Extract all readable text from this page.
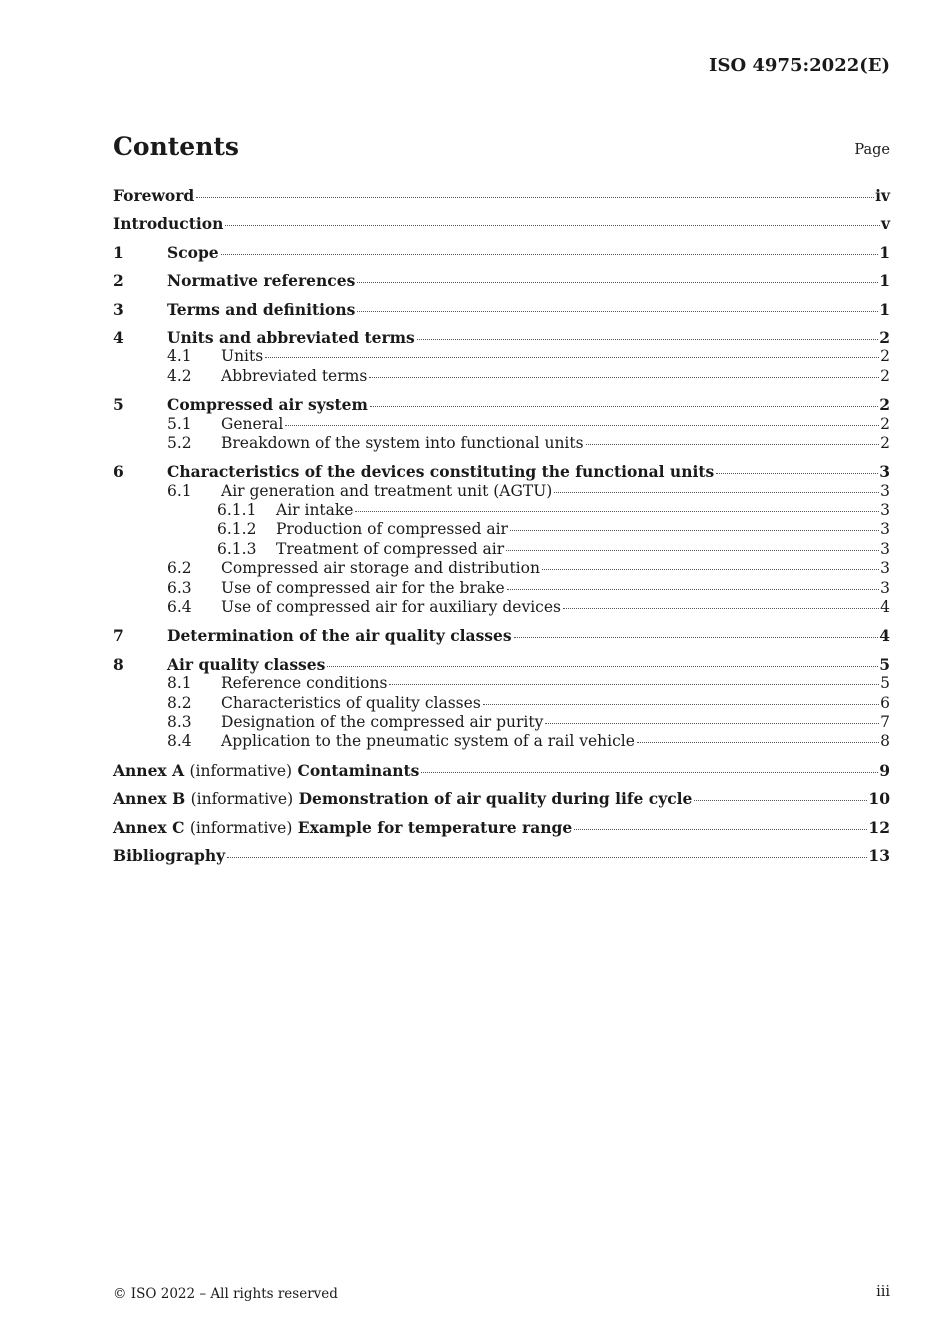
ISO 4975:2022(E)
Contents	Page
Foreword	iv
Introduction	v
1	Scope	1
2	Normative references	1
3	Terms and definitions	1
4	Units and abbreviated terms	2
4.1	Units	2
4.2	Abbreviated terms	2
5	Compressed air system	2
5.1	General	2
5.2	Breakdown of the system into functional units	2
6	Characteristics of the devices constituting the functional units	3
6.1	Air generation and treatment unit (AGTU)	3
6.1.1	Air intake	3
6.1.2	Production of compressed air	3
6.1.3	Treatment of compressed air	3
6.2	Compressed air storage and distribution	3
6.3	Use of compressed air for the brake	3
6.4	Use of compressed air for auxiliary devices	4
7	Determination of the air quality classes	4
8	Air quality classes	5
8.1	Reference conditions	5
8.2	Characteristics of quality classes	6
8.3	Designation of the compressed air purity	7
8.4	Application to the pneumatic system of a rail vehicle	8
Annex A (informative) Contaminants	9
Annex B (informative) Demonstration of air quality during life cycle	10
Annex C (informative) Example for temperature range	12
Bibliography	13
© ISO 2022 – All rights reserved	iii
